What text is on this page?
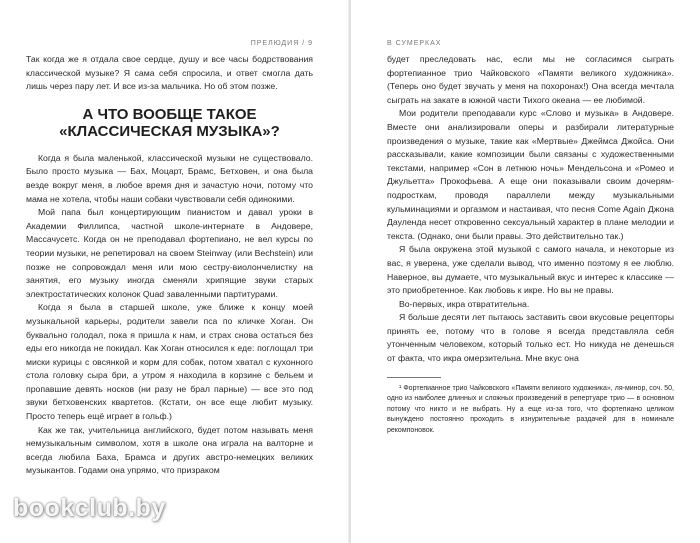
ПРЕЛЮДИЯ / 9

Так когда же я отдала свое сердце, душу и все часы бодрствования классической музыке? Я сама себя спросила, и ответ смогла дать лишь через пару лет. И все из-за мальчика. Но об этом позже.

А ЧТО ВООБЩЕ ТАКОЕ
«КЛАССИЧЕСКАЯ МУЗЫКА»?

Когда я была маленькой, классической музыки не существовало. Было просто музыка — Бах, Моцарт, Брамс, Бетховен, и она была везде вокруг меня, в любое время дня и зачастую ночи, потому что мама не хотела, чтобы наши собаки чувствовали себя одинокими.

Мой папа был концертирующим пианистом и давал уроки в Академии Филлипса, частной школе-интернате в Андовере, Массачусетс. Когда он не преподавал фортепиано, не вел курсы по теории музыки, не репетировал на своем Steinway (или Bechstein) или позже не сопровождал меня или мою сестру-виолончелистку на занятия, его музыку иногда сменяли хрипящие звуки старых электростатических колонок Quad заваленными партитурами.

Когда я была в старшей школе, уже ближе к концу моей музыкальной карьеры, родители завели пса по кличке Хоган. Он буквально голодал, пока я пришла к нам, и страх снова остаться без еды его никогда не покидал. Как Хоган относился к еде: поглощал три миски курицы с овсянкой и корм для собак, потом хватал с кухонного стола головку сыра бри, а утром я находила в корзине с бельем и пропавшие девять носков (ни разу не брал парные) — все это под звуки бетховенских квартетов. (Кстати, он все еще любит музыку. Просто теперь ещё играет в гольф.)

Как же так, учительница английского, будет потом называть меня немузыкальным символом, хотя в школе она играла на валторне и всегда любила Баха, Брамса и других австро-немецких великих музыкантов. Годами она упрямо, что призраком

В СУМЕРКАХ

будет преследовать нас, если мы не согласимся сыграть фортепианное трио Чайковского «Памяти великого художника». (Теперь оно будет звучать у меня на похоронах!) Она всегда мечтала сыграть на закате в южной части Тихого океана — ее любимой.

Мои родители преподавали курс «Слово и музыка» в Андовере. Вместе они анализировали оперы и разбирали литературные произведения о музыке, такие как «Мертвые» Джеймса Джойса. Они рассказывали, какие композиции были связаны с художественными текстами, например «Сон в летнюю ночь» Мендельсона и «Ромео и Джульетта» Прокофьева. А еще они показывали своим дочерям-подросткам, проводя параллели между музыкальными кульминациями и оргазмом и настаивая, что песня Come Again Джона Дауленда несет откровенно сексуальный характер в плане мелодии и текста. (Однако, они были правы. Это действительно так.)

Я была окружена этой музыкой с самого начала, и некоторые из вас, я уверена, уже сделали вывод, что именно поэтому я ее люблю. Наверное, вы думаете, что музыкальный вкус и интерес к классике — это приобретенное. Как любовь к икре. Но вы не правы.

Во-первых, икра отвратительна.

Я больше десяти лет пытаюсь заставить свои вкусовые рецепторы принять ее, потому что в голове я всегда представляла себя утонченным человеком, который только ест. Но никуда не денешься от факта, что икра омерзительна. Мне вкус она

¹ Фортепианное трио Чайковского «Памяти великого художника», ля-минор, соч. 50, одно из наиболее длинных и сложных произведений в репертуаре трио — в основном потому что никто и не выбрать. Ну а еще из-за того, что фортепиано целиком вынуждено постоянно проходить в изнурительные раздачей для в номинале рекомпоновок.

bookclub.by
